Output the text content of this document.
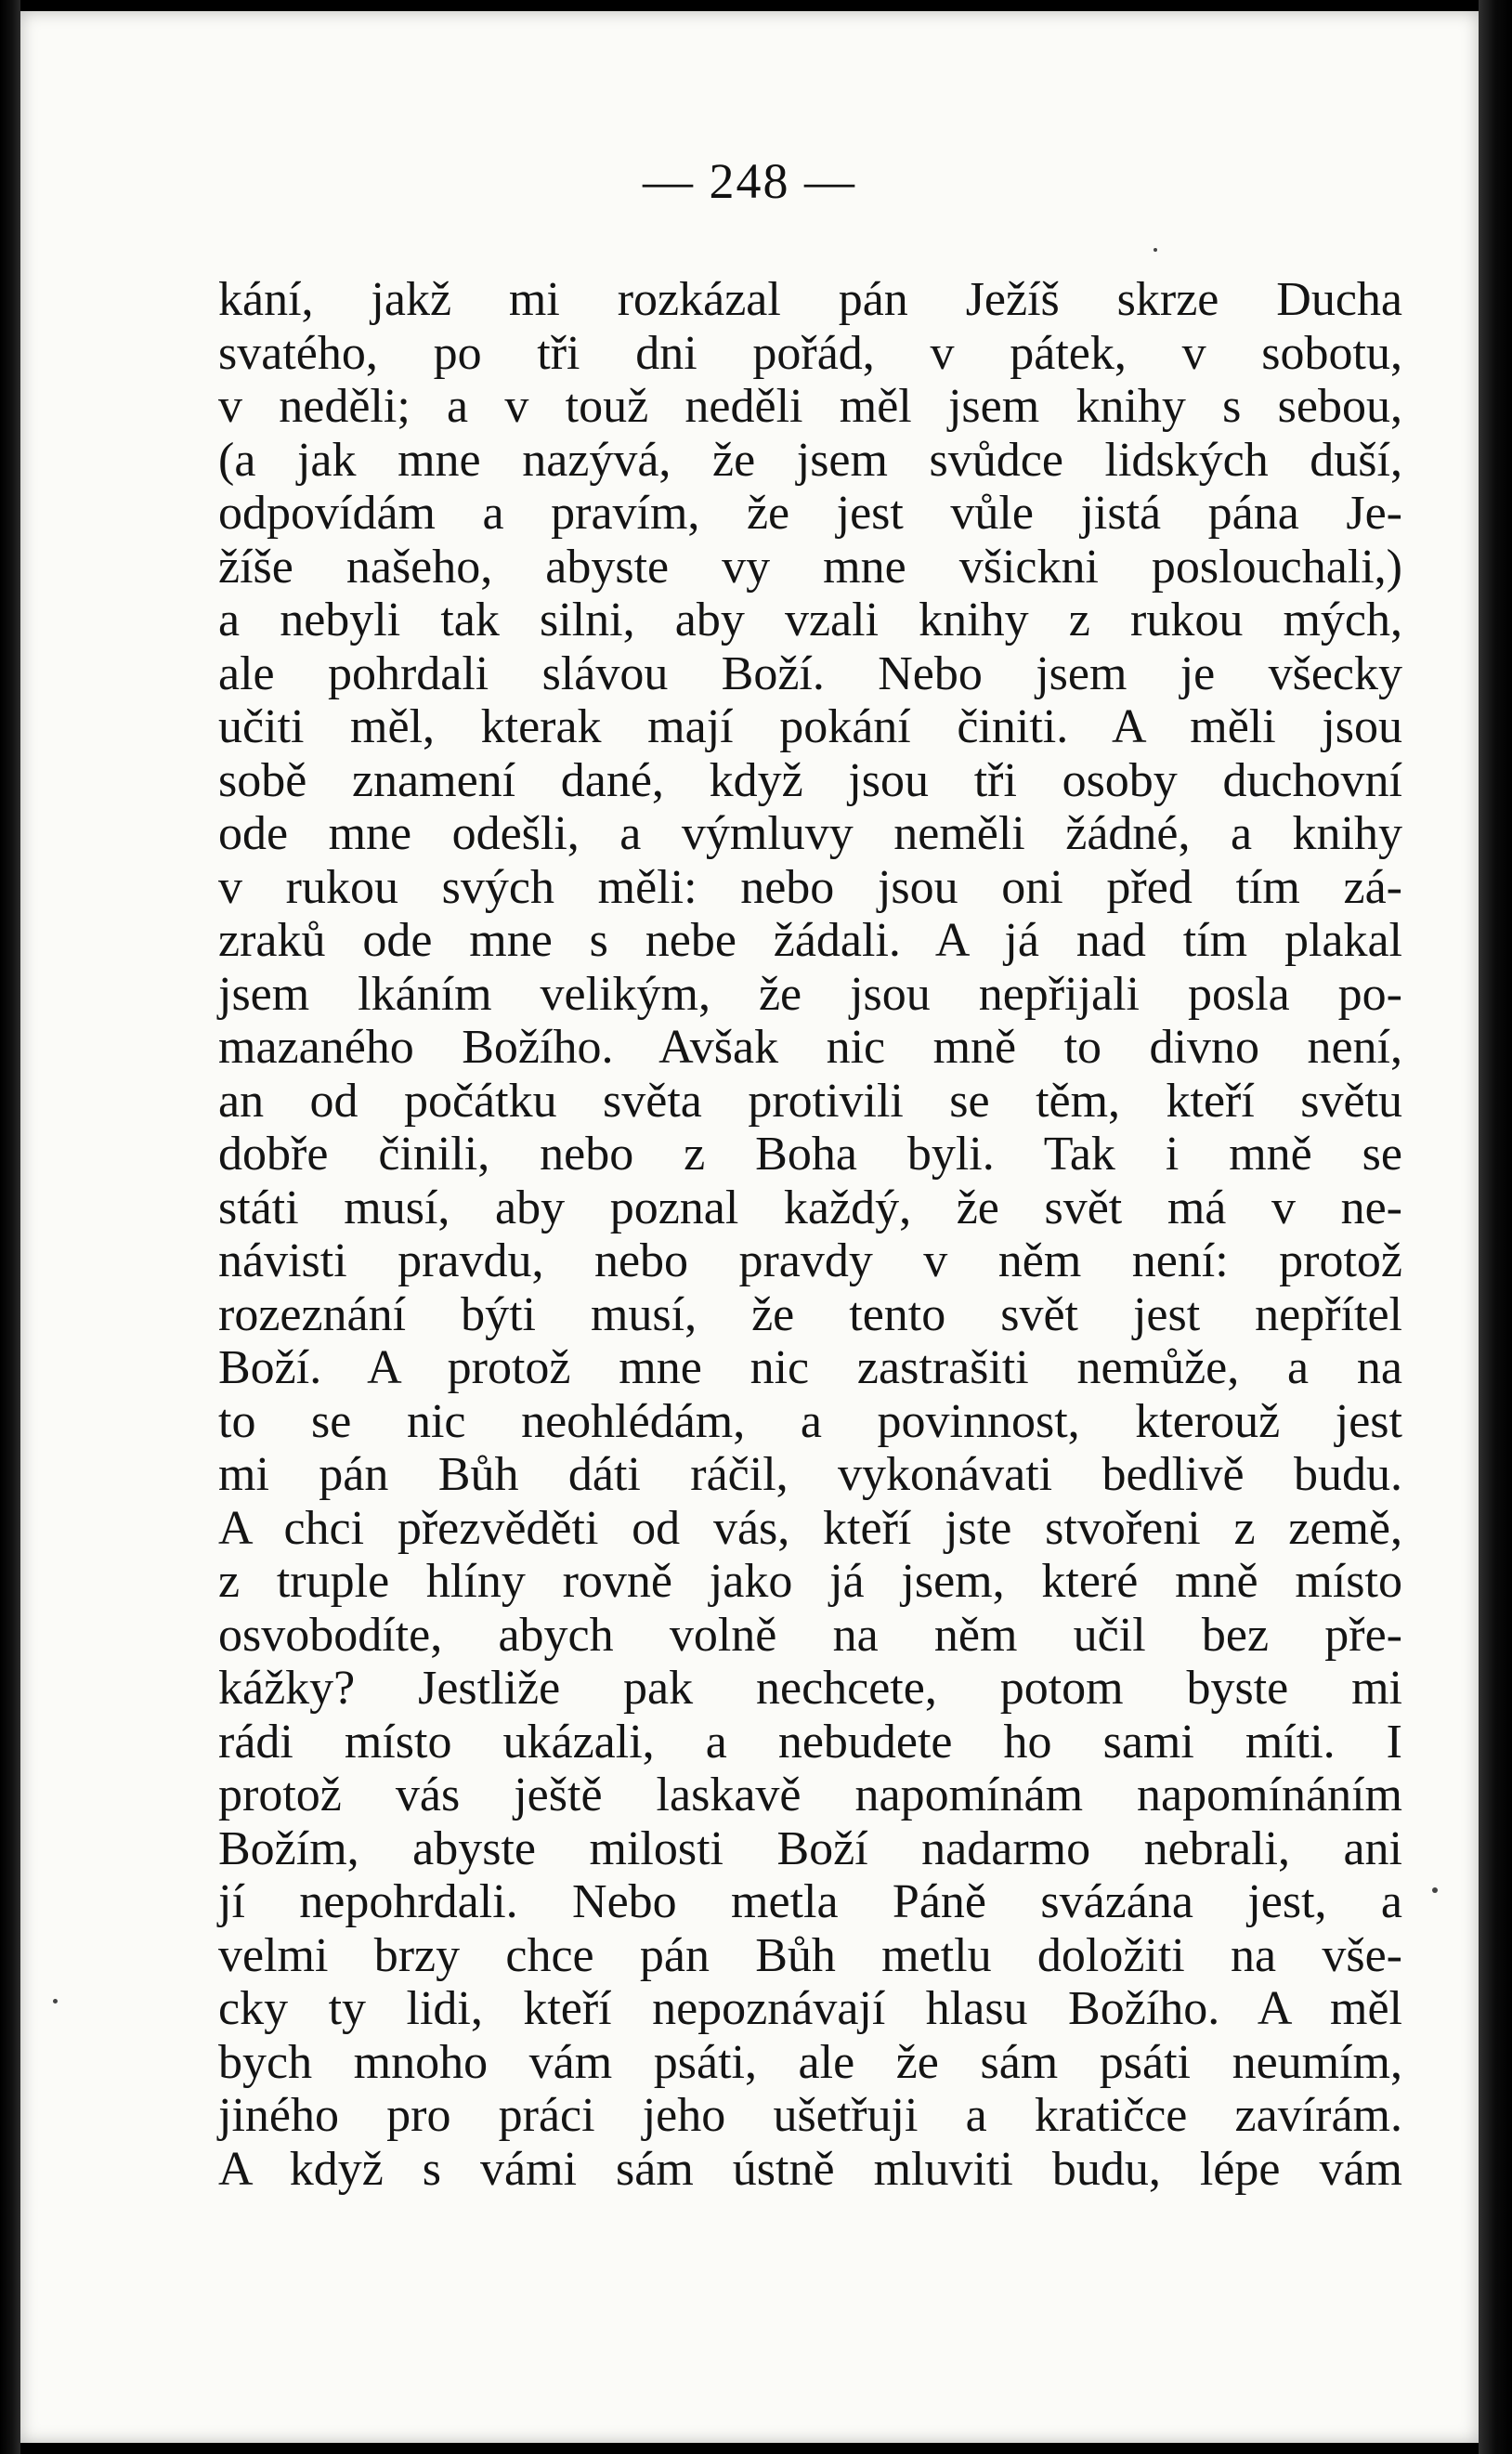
— 248 —
kání, jakž mi rozkázal pán Ježíš skrze Ducha
svatého, po tři dni pořád, v pátek, v sobotu,
v neděli; a v touž neděli měl jsem knihy s sebou,
(a jak mne nazývá, že jsem svůdce lidských duší,
odpovídám a pravím, že jest vůle jistá pána Je-
žíše našeho, abyste vy mne všickni poslouchali,)
a nebyli tak silni, aby vzali knihy z rukou mých,
ale pohrdali slávou Boží. Nebo jsem je všecky
učiti měl, kterak mají pokání činiti. A měli jsou
sobě znamení dané, když jsou tři osoby duchovní
ode mne odešli, a výmluvy neměli žádné, a knihy
v rukou svých měli: nebo jsou oni před tím zá-
zraků ode mne s nebe žádali. A já nad tím plakal
jsem lkáním velikým, že jsou nepřijali posla po-
mazaného Božího. Avšak nic mně to divno není,
an od počátku světa protivili se těm, kteří světu
dobře činili, nebo z Boha byli. Tak i mně se
státi musí, aby poznal každý, že svět má v ne-
návisti pravdu, nebo pravdy v něm není: protož
rozeznání býti musí, že tento svět jest nepřítel
Boží. A protož mne nic zastrašiti nemůže, a na
to se nic neohlédám, a povinnost, kterouž jest
mi pán Bůh dáti ráčil, vykonávati bedlivě budu.
A chci přezvěděti od vás, kteří jste stvořeni z země,
z truple hlíny rovně jako já jsem, které mně místo
osvobodíte, abych volně na něm učil bez pře-
kážky? Jestliže pak nechcete, potom byste mi
rádi místo ukázali, a nebudete ho sami míti. I
protož vás ještě laskavě napomínám napomínáním
Božím, abyste milosti Boží nadarmo nebrali, ani
jí nepohrdali. Nebo metla Páně svázána jest, a
velmi brzy chce pán Bůh metlu doložiti na vše-
cky ty lidi, kteří nepoznávají hlasu Božího. A měl
bych mnoho vám psáti, ale že sám psáti neumím,
jiného pro práci jeho ušetřuji a kratičce zavírám.
A když s vámi sám ústně mluviti budu, lépe vám
